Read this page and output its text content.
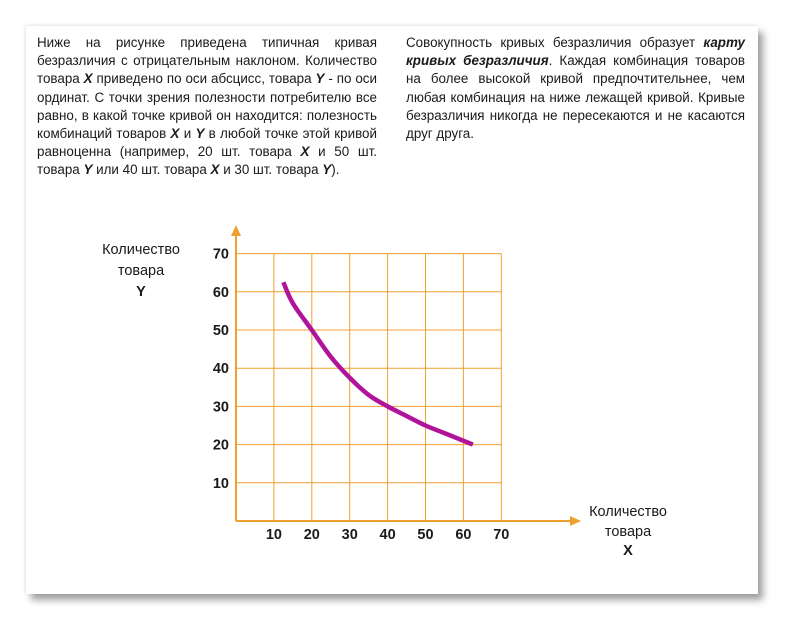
Ниже на рисунке приведена типичная кривая безразличия с отрицательным наклоном. Количество товара X приведено по оси абсцисс, товара Y - по оси ординат. С точки зрения полезности потребителю все равно, в какой точке кривой он находится: полезность комбинаций товаров X и Y в любой точке этой кривой равноценна (например, 20 шт. товара X и 50 шт. товара Y или 40 шт. товара X и 30 шт. товара Y).
Совокупность кривых безразличия образует карту кривых безразличия. Каждая комбинация товаров на более высокой кривой предпочтительнее, чем любая комбинация на ниже лежащей кривой. Кривые безразличия никогда не пересекаются и не касаются друг друга.
10 20 30 40 50 60 70
10
20
30
40
50
60
70
Количество
товара
Y
Количество
товара
X
